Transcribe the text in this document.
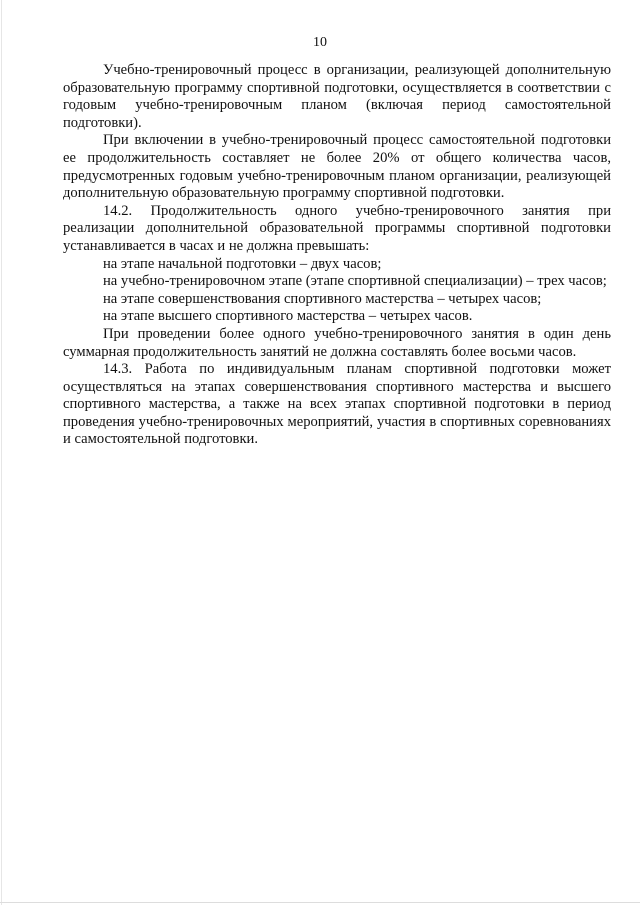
10

Учебно-тренировочный процесс в организации, реализующей дополнительную образовательную программу спортивной подготовки, осуществляется в соответствии с годовым учебно-тренировочным планом (включая период самостоятельной подготовки).

При включении в учебно-тренировочный процесс самостоятельной подготовки ее продолжительность составляет не более 20% от общего количества часов, предусмотренных годовым учебно-тренировочным планом организации, реализующей дополнительную образовательную программу спортивной подготовки.

14.2. Продолжительность одного учебно-тренировочного занятия при реализации дополнительной образовательной программы спортивной подготовки устанавливается в часах и не должна превышать:

на этапе начальной подготовки – двух часов;

на учебно-тренировочном этапе (этапе спортивной специализации) – трех часов;

на этапе совершенствования спортивного мастерства – четырех часов;

на этапе высшего спортивного мастерства – четырех часов.

При проведении более одного учебно-тренировочного занятия в один день суммарная продолжительность занятий не должна составлять более восьми часов.

14.3. Работа по индивидуальным планам спортивной подготовки может осуществляться на этапах совершенствования спортивного мастерства и высшего спортивного мастерства, а также на всех этапах спортивной подготовки в период проведения учебно-тренировочных мероприятий, участия в спортивных соревнованиях и самостоятельной подготовки.
